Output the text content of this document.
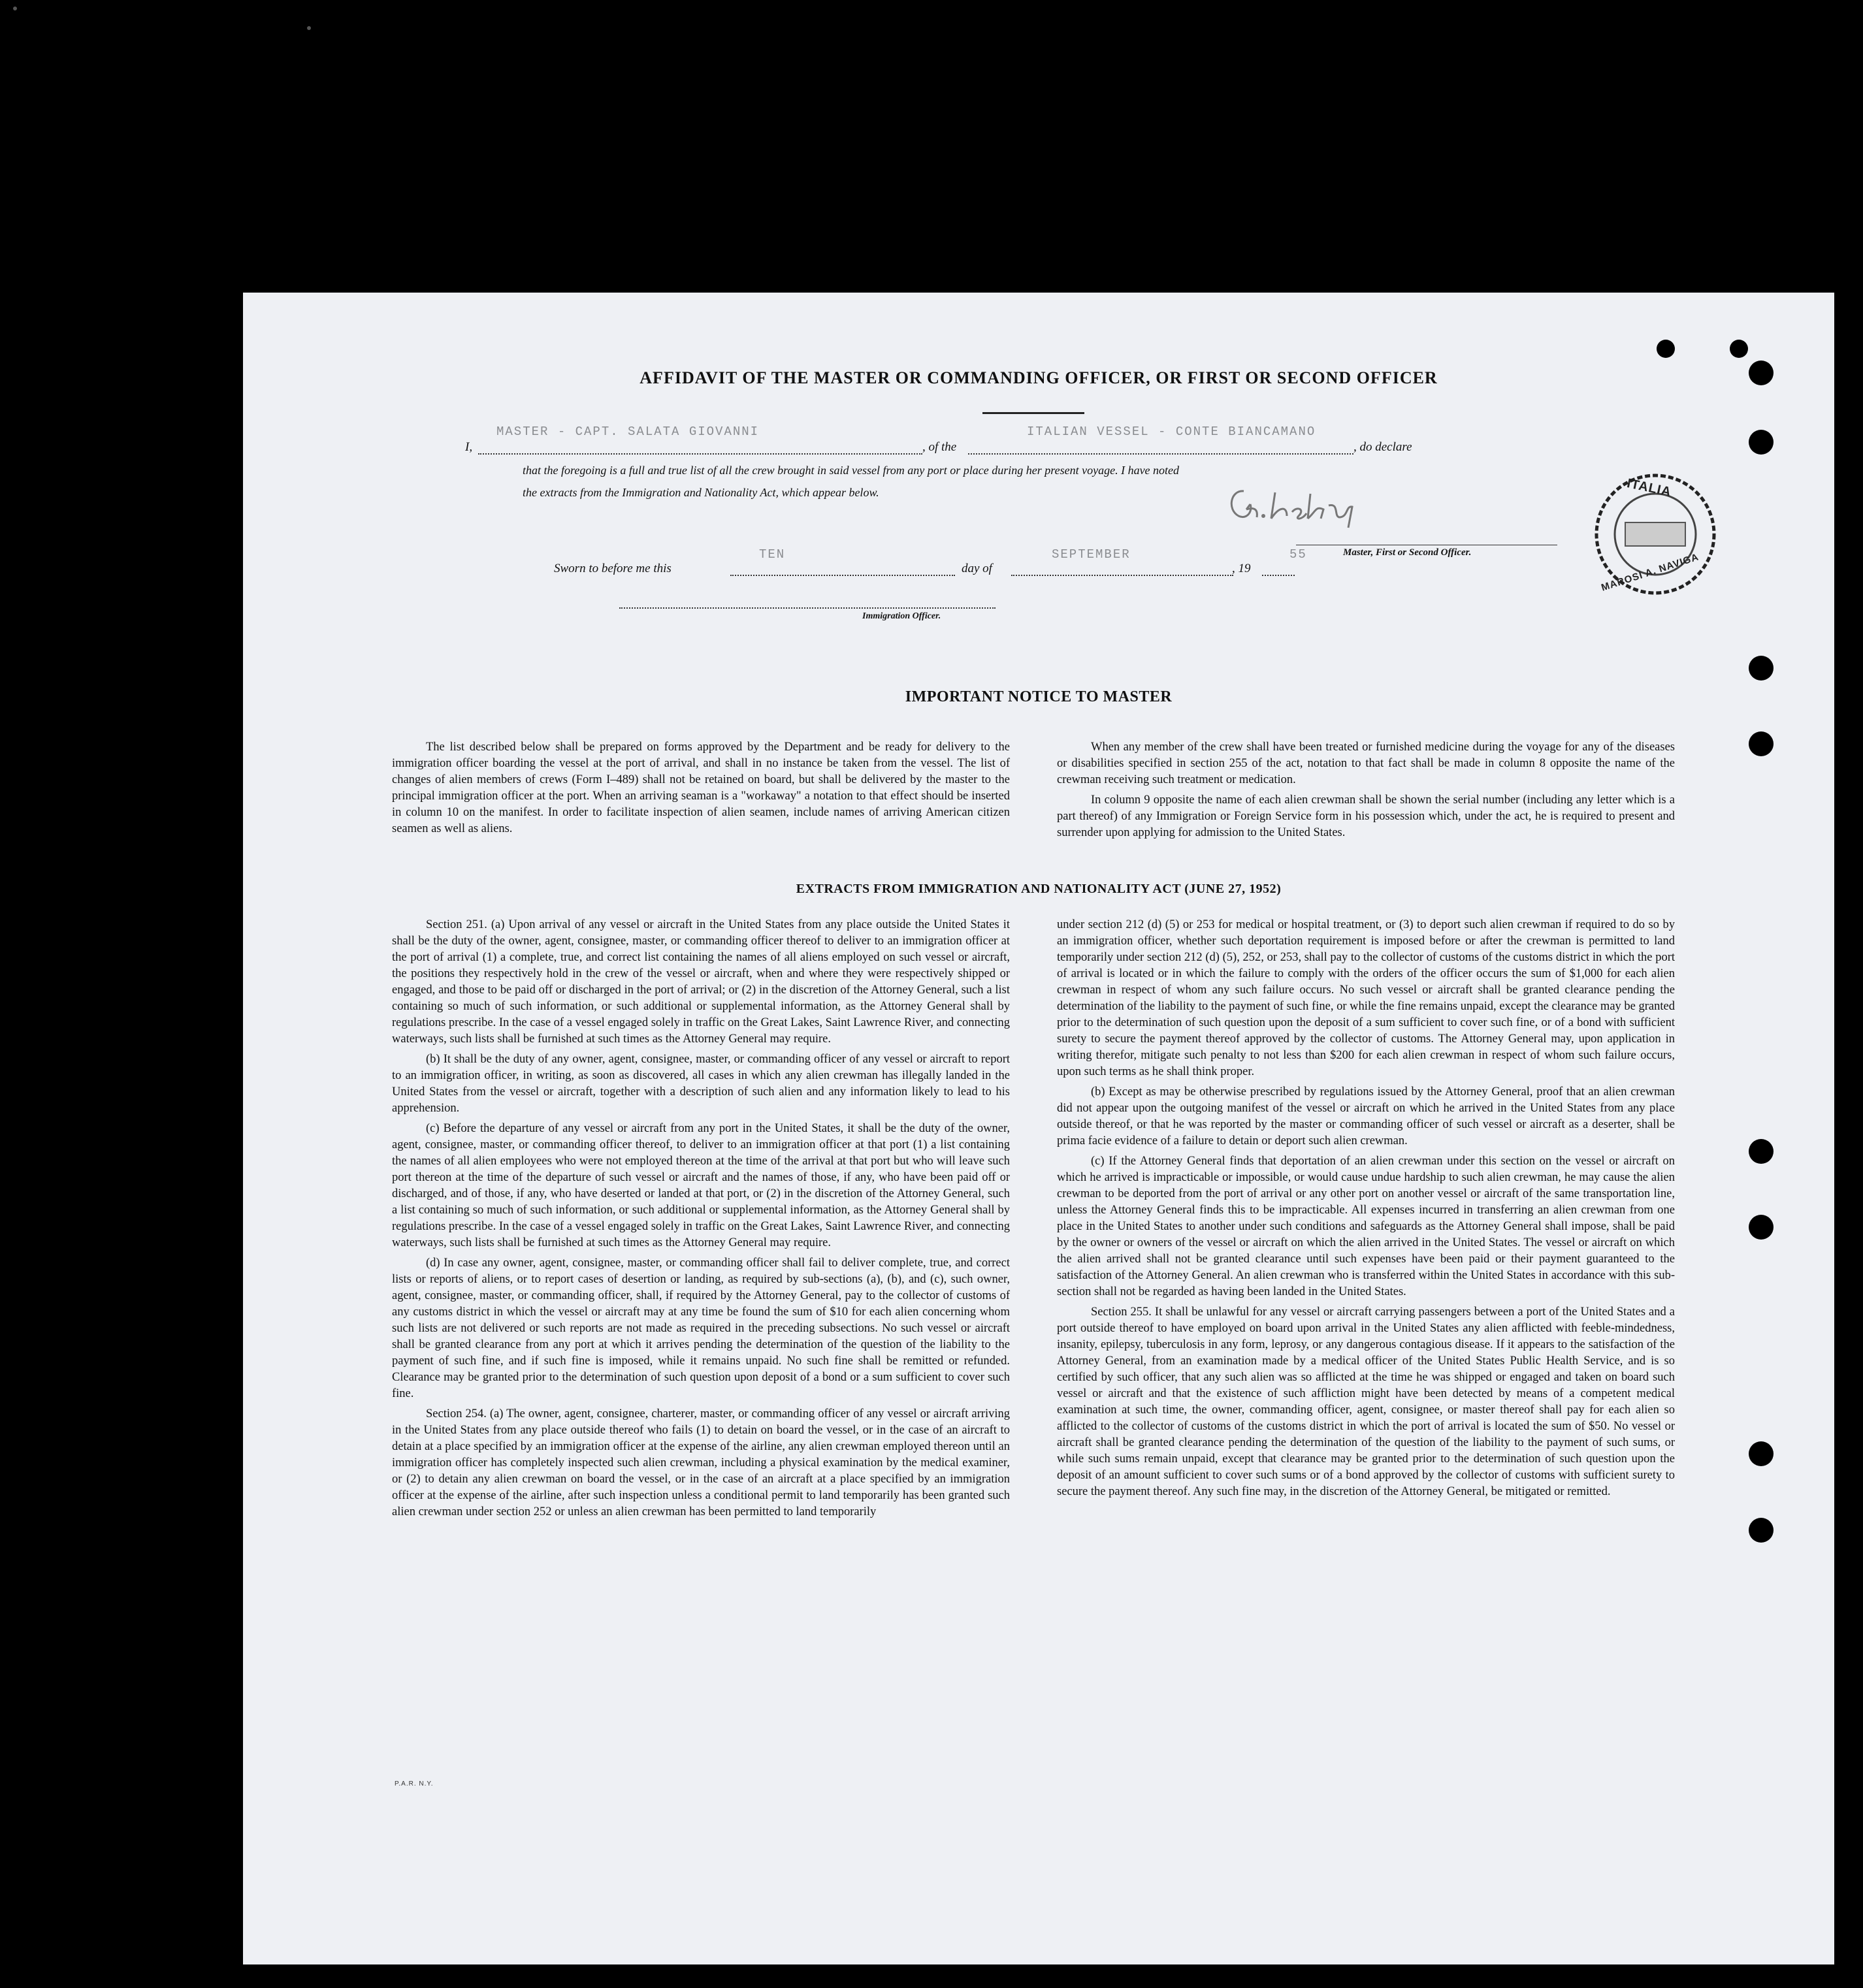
AFFIDAVIT OF THE MASTER OR COMMANDING OFFICER, OR FIRST OR SECOND OFFICER
MASTER - CAPT. SALATA GIOVANNI	ITALIAN VESSEL - CONTE BIANCAMANO
I,	, of the	, do declare
that the foregoing is a full and true list of all the crew brought in said vessel from any port or place during her present voyage. I have noted
the extracts from the Immigration and Nationality Act, which appear below.
Master, First or Second Officer.
TEN	SEPTEMBER	55
Sworn to before me this	day of	, 19
Immigration Officer.
ITALIA
MAROSI A. NAVIGA
IMPORTANT NOTICE TO MASTER

The list described below shall be prepared on forms approved by the Department and be ready for delivery to the immigration officer boarding the vessel at the port of arrival, and shall in no instance be taken from the vessel. The list of changes of alien members of crews (Form I–489) shall not be retained on board, but shall be delivered by the master to the principal immigration officer at the port. When an arriving seaman is a "workaway" a notation to that effect should be inserted in column 10 on the manifest. In order to facilitate inspection of alien seamen, include names of arriving American citizen seamen as well as aliens.

When any member of the crew shall have been treated or furnished medicine during the voyage for any of the diseases or disabilities specified in section 255 of the act, notation to that fact shall be made in column 8 opposite the name of the crewman receiving such treatment or medication.

In column 9 opposite the name of each alien crewman shall be shown the serial number (including any letter which is a part thereof) of any Immigration or Foreign Service form in his possession which, under the act, he is required to present and surrender upon applying for admission to the United States.

EXTRACTS FROM IMMIGRATION AND NATIONALITY ACT (JUNE 27, 1952)

Section 251. (a) Upon arrival of any vessel or aircraft in the United States from any place outside the United States it shall be the duty of the owner, agent, consignee, master, or commanding officer thereof to deliver to an immigration officer at the port of arrival (1) a complete, true, and correct list containing the names of all aliens employed on such vessel or aircraft, the positions they respectively hold in the crew of the vessel or aircraft, when and where they were respectively shipped or engaged, and those to be paid off or discharged in the port of arrival; or (2) in the discretion of the Attorney General, such a list containing so much of such information, or such additional or supplemental information, as the Attorney General shall by regulations prescribe. In the case of a vessel engaged solely in traffic on the Great Lakes, Saint Lawrence River, and connecting waterways, such lists shall be furnished at such times as the Attorney General may require.

(b) It shall be the duty of any owner, agent, consignee, master, or commanding officer of any vessel or aircraft to report to an immigration officer, in writing, as soon as discovered, all cases in which any alien crewman has illegally landed in the United States from the vessel or aircraft, together with a description of such alien and any information likely to lead to his apprehension.

(c) Before the departure of any vessel or aircraft from any port in the United States, it shall be the duty of the owner, agent, consignee, master, or commanding officer thereof, to deliver to an immigration officer at that port (1) a list containing the names of all alien employees who were not employed thereon at the time of the arrival at that port but who will leave such port thereon at the time of the departure of such vessel or aircraft and the names of those, if any, who have been paid off or discharged, and of those, if any, who have deserted or landed at that port, or (2) in the discretion of the Attorney General, such a list containing so much of such information, or such additional or supplemental information, as the Attorney General shall by regulations prescribe. In the case of a vessel engaged solely in traffic on the Great Lakes, Saint Lawrence River, and connecting waterways, such lists shall be furnished at such times as the Attorney General may require.

(d) In case any owner, agent, consignee, master, or commanding officer shall fail to deliver complete, true, and correct lists or reports of aliens, or to report cases of desertion or landing, as required by sub-sections (a), (b), and (c), such owner, agent, consignee, master, or commanding officer, shall, if required by the Attorney General, pay to the collector of customs of any customs district in which the vessel or aircraft may at any time be found the sum of $10 for each alien concerning whom such lists are not delivered or such reports are not made as required in the preceding subsections. No such vessel or aircraft shall be granted clearance from any port at which it arrives pending the determination of the question of the liability to the payment of such fine, and if such fine is imposed, while it remains unpaid. No such fine shall be remitted or refunded. Clearance may be granted prior to the determination of such question upon deposit of a bond or a sum sufficient to cover such fine.

Section 254. (a) The owner, agent, consignee, charterer, master, or commanding officer of any vessel or aircraft arriving in the United States from any place outside thereof who fails (1) to detain on board the vessel, or in the case of an aircraft to detain at a place specified by an immigration officer at the expense of the airline, any alien crewman employed thereon until an immigration officer has completely inspected such alien crewman, including a physical examination by the medical examiner, or (2) to detain any alien crewman on board the vessel, or in the case of an aircraft at a place specified by an immigration officer at the expense of the airline, after such inspection unless a conditional permit to land temporarily has been granted such alien crewman under section 252 or unless an alien crewman has been permitted to land temporarily

under section 212 (d) (5) or 253 for medical or hospital treatment, or (3) to deport such alien crewman if required to do so by an immigration officer, whether such deportation requirement is imposed before or after the crewman is permitted to land temporarily under section 212 (d) (5), 252, or 253, shall pay to the collector of customs of the customs district in which the port of arrival is located or in which the failure to comply with the orders of the officer occurs the sum of $1,000 for each alien crewman in respect of whom any such failure occurs. No such vessel or aircraft shall be granted clearance pending the determination of the liability to the payment of such fine, or while the fine remains unpaid, except the clearance may be granted prior to the determination of such question upon the deposit of a sum sufficient to cover such fine, or of a bond with sufficient surety to secure the payment thereof approved by the collector of customs. The Attorney General may, upon application in writing therefor, mitigate such penalty to not less than $200 for each alien crewman in respect of whom such failure occurs, upon such terms as he shall think proper.

(b) Except as may be otherwise prescribed by regulations issued by the Attorney General, proof that an alien crewman did not appear upon the outgoing manifest of the vessel or aircraft on which he arrived in the United States from any place outside thereof, or that he was reported by the master or commanding officer of such vessel or aircraft as a deserter, shall be prima facie evidence of a failure to detain or deport such alien crewman.

(c) If the Attorney General finds that deportation of an alien crewman under this section on the vessel or aircraft on which he arrived is impracticable or impossible, or would cause undue hardship to such alien crewman, he may cause the alien crewman to be deported from the port of arrival or any other port on another vessel or aircraft of the same transportation line, unless the Attorney General finds this to be impracticable. All expenses incurred in transferring an alien crewman from one place in the United States to another under such conditions and safeguards as the Attorney General shall impose, shall be paid by the owner or owners of the vessel or aircraft on which the alien arrived in the United States. The vessel or aircraft on which the alien arrived shall not be granted clearance until such expenses have been paid or their payment guaranteed to the satisfaction of the Attorney General. An alien crewman who is transferred within the United States in accordance with this sub-section shall not be regarded as having been landed in the United States.

Section 255. It shall be unlawful for any vessel or aircraft carrying passengers between a port of the United States and a port outside thereof to have employed on board upon arrival in the United States any alien afflicted with feeble-mindedness, insanity, epilepsy, tuberculosis in any form, leprosy, or any dangerous contagious disease. If it appears to the satisfaction of the Attorney General, from an examination made by a medical officer of the United States Public Health Service, and is so certified by such officer, that any such alien was so afflicted at the time he was shipped or engaged and taken on board such vessel or aircraft and that the existence of such affliction might have been detected by means of a competent medical examination at such time, the owner, commanding officer, agent, consignee, or master thereof shall pay for each alien so afflicted to the collector of customs of the customs district in which the port of arrival is located the sum of $50. No vessel or aircraft shall be granted clearance pending the determination of the question of the liability to the payment of such sums, or while such sums remain unpaid, except that clearance may be granted prior to the determination of such question upon the deposit of an amount sufficient to cover such sums or of a bond approved by the collector of customs with sufficient surety to secure the payment thereof. Any such fine may, in the discretion of the Attorney General, be mitigated or remitted.

P.A.R. N.Y.
